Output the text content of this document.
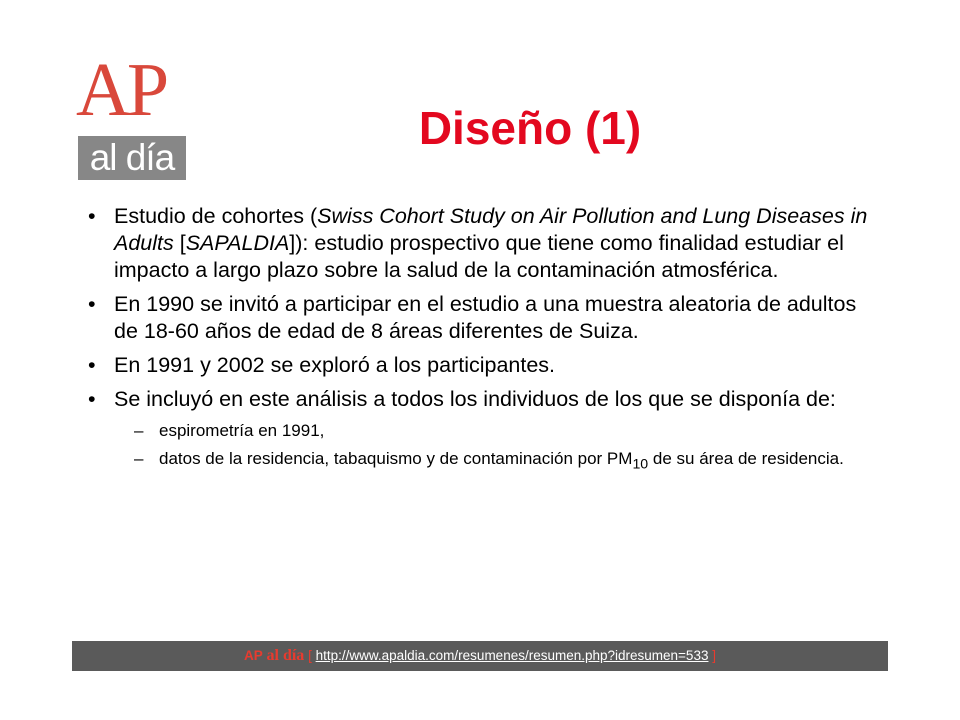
AP
al día
Diseño (1)
• Estudio de cohortes (Swiss Cohort Study on Air Pollution and Lung Diseases in Adults [SAPALDIA]): estudio prospectivo que tiene como finalidad estudiar el impacto a largo plazo sobre la salud de la contaminación atmosférica.
• En 1990 se invitó a participar en el estudio a una muestra aleatoria de adultos de 18-60 años de edad de 8 áreas diferentes de Suiza.
• En 1991 y 2002 se exploró a los participantes.
• Se incluyó en este análisis a todos los individuos de los que se disponía de:
– espirometría en 1991,
– datos de la residencia, tabaquismo y de contaminación por $PM_{10}$ de su área de residencia.
AP al día [ http://www.apaldia.com/resumenes/resumen.php?idresumen=533 ]
